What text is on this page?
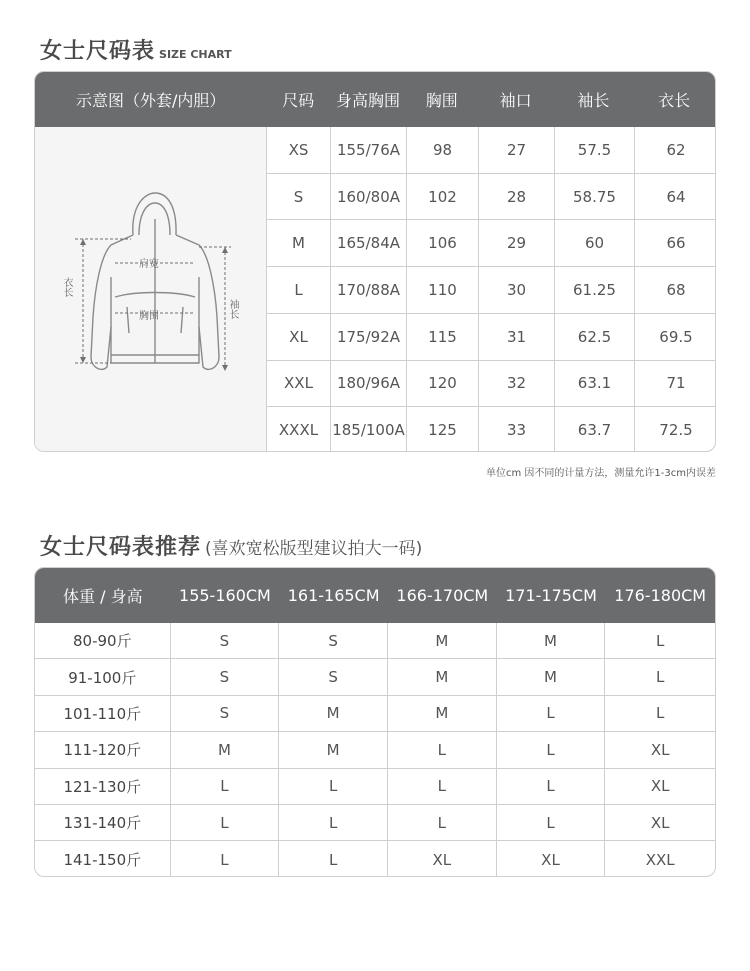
女士尺码表 SIZE CHART
示意图（外套/内胆）	尺码	身高胸围	胸围	袖口	袖长	衣长
肩宽
胸围
衣长
袖长
XS	155/76A	98	27	57.5	62
S	160/80A	102	28	58.75	64
M	165/84A	106	29	60	66
L	170/88A	110	30	61.25	68
XL	175/92A	115	31	62.5	69.5
XXL	180/96A	120	32	63.1	71
XXXL 185/100A	125	33	63.7	72.5
单位cm 因不同的计量方法，测量允许1-3cm内误差
女士尺码表推荐 (喜欢宽松版型建议拍大一码)
体重 / 身高	155-160CM	161-165CM	166-170CM	171-175CM	176-180CM
80-90斤	S	S	M	M	L
91-100斤	S	S	M	M	L
101-110斤	S	M	M	L	L
111-120斤	M	M	L	L	XL
121-130斤	L	L	L	L	XL
131-140斤	L	L	L	L	XL
141-150斤	L	L	XL	XL	XXL
